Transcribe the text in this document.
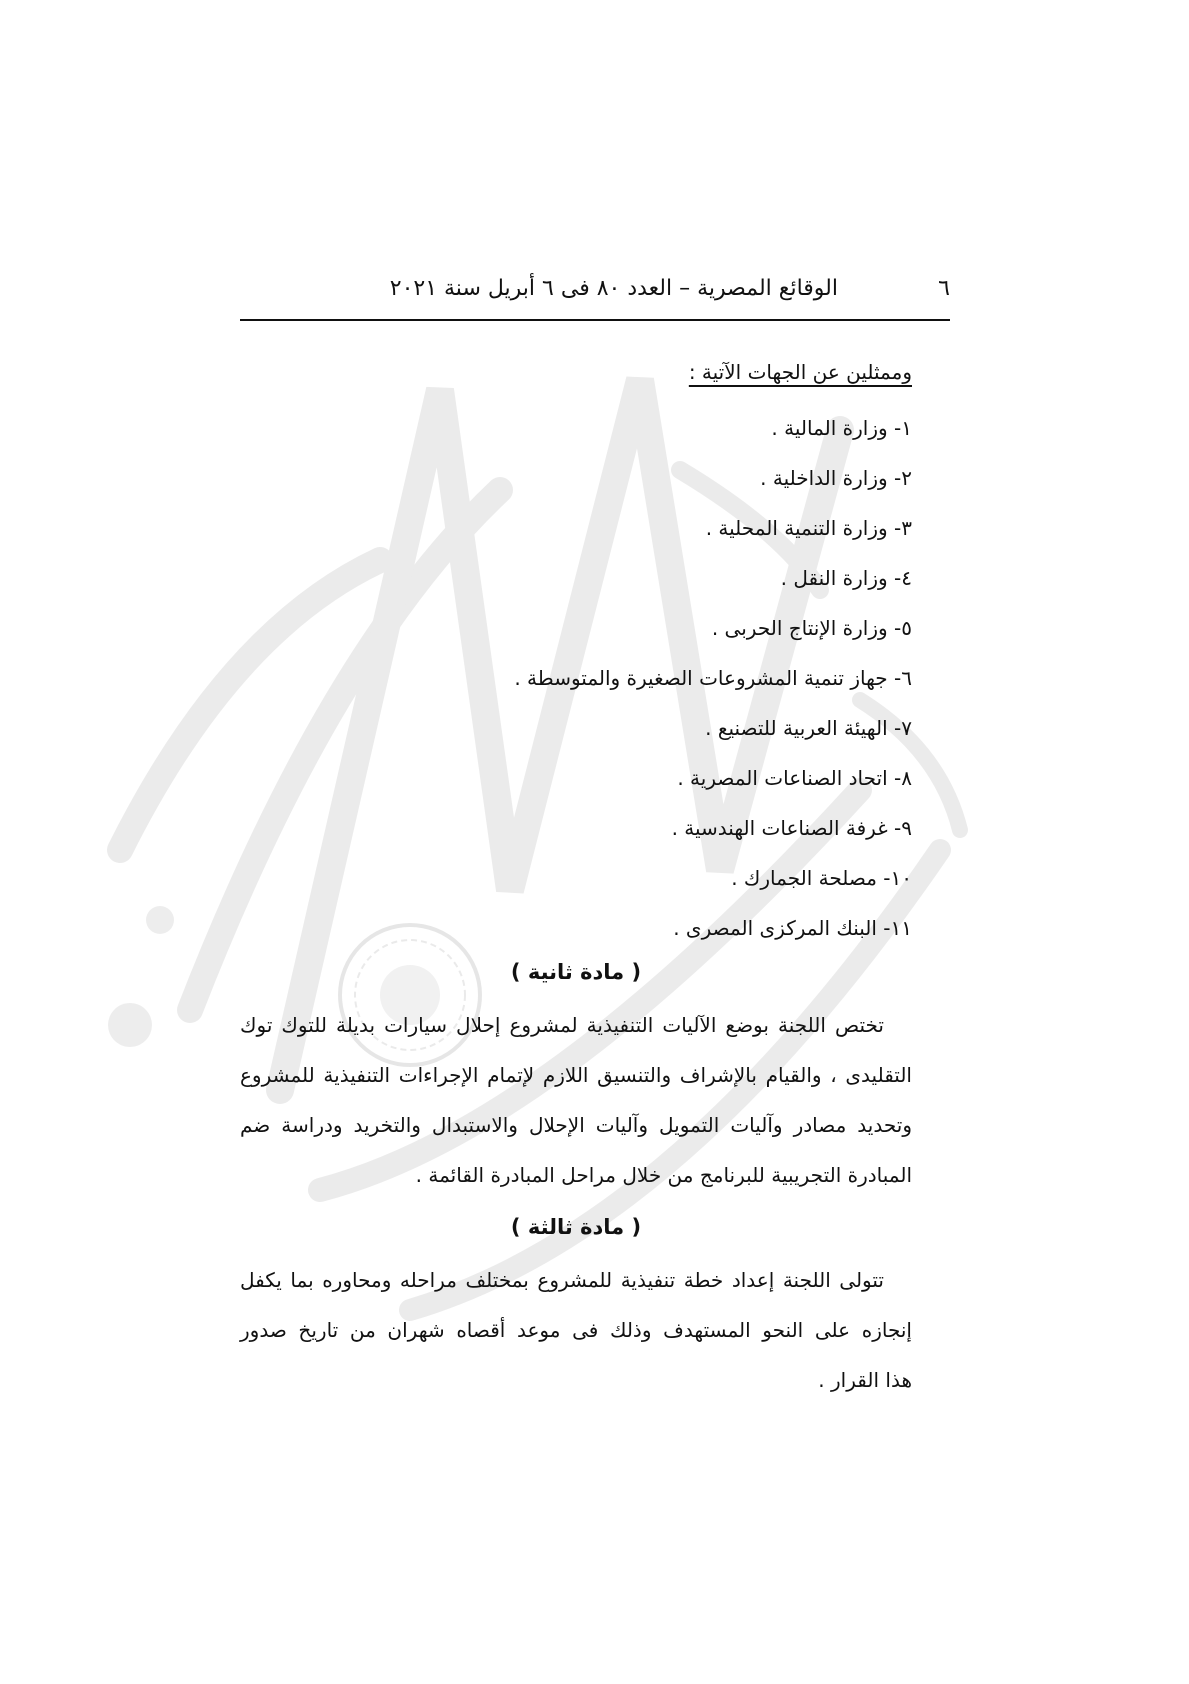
٦
الوقائع المصرية – العدد ٨٠ فى ٦ أبريل سنة ٢٠٢١
وممثلين عن الجهات الآتية :
١- وزارة المالية .
٢- وزارة الداخلية .
٣- وزارة التنمية المحلية .
٤- وزارة النقل .
٥- وزارة الإنتاج الحربى .
٦- جهاز تنمية المشروعات الصغيرة والمتوسطة .
٧- الهيئة العربية للتصنيع .
٨- اتحاد الصناعات المصرية .
٩- غرفة الصناعات الهندسية .
١٠- مصلحة الجمارك .
١١- البنك المركزى المصرى .
( مادة ثانية )

تختص اللجنة بوضع الآليات التنفيذية لمشروع إحلال سيارات بديلة للتوك توك

التقليدى ، والقيام بالإشراف والتنسيق اللازم لإتمام الإجراءات التنفيذية للمشروع

وتحديد مصادر وآليات التمويل وآليات الإحلال والاستبدال والتخريد ودراسة ضم

المبادرة التجريبية للبرنامج من خلال مراحل المبادرة القائمة .

( مادة ثالثة )

تتولى اللجنة إعداد خطة تنفيذية للمشروع بمختلف مراحله ومحاوره بما يكفل

إنجازه على النحو المستهدف وذلك فى موعد أقصاه شهران من تاريخ صدور

هذا القرار .
